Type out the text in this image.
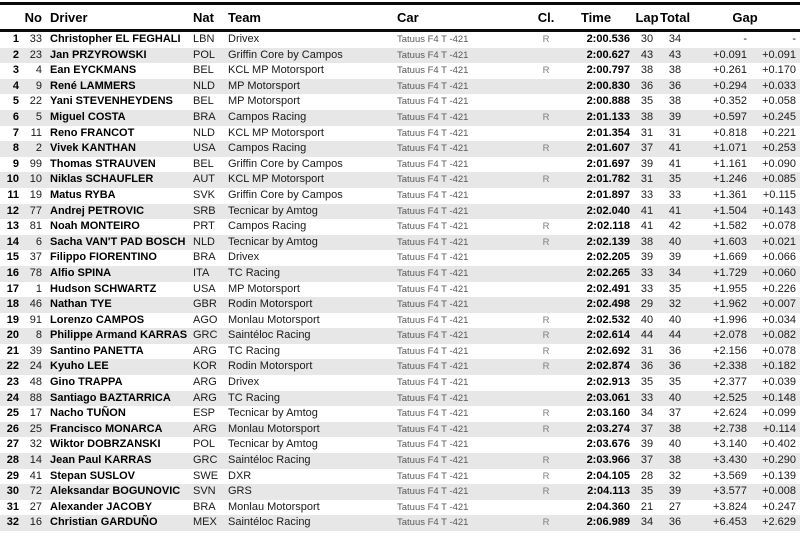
	No	Driver	Nat	Team	Car	Cl.	Time	Lap	Total	Gap	
1	33	Christopher EL FEGHALI	LBN	Drivex	Tatuus F4 T -421	R	2:00.536	30	34	-	-
2	23	Jan PRZYROWSKI	POL	Griffin Core by Campos	Tatuus F4 T -421		2:00.627	43	43	+0.091	+0.091
3	4	Ean EYCKMANS	BEL	KCL MP Motorsport	Tatuus F4 T -421	R	2:00.797	38	38	+0.261	+0.170
4	9	René LAMMERS	NLD	MP Motorsport	Tatuus F4 T -421		2:00.830	36	36	+0.294	+0.033
5	22	Yani STEVENHEYDENS	BEL	MP Motorsport	Tatuus F4 T -421		2:00.888	35	38	+0.352	+0.058
6	5	Miguel COSTA	BRA	Campos Racing	Tatuus F4 T -421	R	2:01.133	38	39	+0.597	+0.245
7	11	Reno FRANCOT	NLD	KCL MP Motorsport	Tatuus F4 T -421		2:01.354	31	31	+0.818	+0.221
8	2	Vivek KANTHAN	USA	Campos Racing	Tatuus F4 T -421	R	2:01.607	37	41	+1.071	+0.253
9	99	Thomas STRAUVEN	BEL	Griffin Core by Campos	Tatuus F4 T -421		2:01.697	39	41	+1.161	+0.090
10	10	Niklas SCHAUFLER	AUT	KCL MP Motorsport	Tatuus F4 T -421	R	2:01.782	31	35	+1.246	+0.085
11	19	Matus RYBA	SVK	Griffin Core by Campos	Tatuus F4 T -421		2:01.897	33	33	+1.361	+0.115
12	77	Andrej PETROVIC	SRB	Tecnicar by Amtog	Tatuus F4 T -421		2:02.040	41	41	+1.504	+0.143
13	81	Noah MONTEIRO	PRT	Campos Racing	Tatuus F4 T -421	R	2:02.118	41	42	+1.582	+0.078
14	6	Sacha VAN'T PAD BOSCH	NLD	Tecnicar by Amtog	Tatuus F4 T -421	R	2:02.139	38	40	+1.603	+0.021
15	37	Filippo FIORENTINO	BRA	Drivex	Tatuus F4 T -421		2:02.205	39	39	+1.669	+0.066
16	78	Alfio SPINA	ITA	TC Racing	Tatuus F4 T -421		2:02.265	33	34	+1.729	+0.060
17	1	Hudson SCHWARTZ	USA	MP Motorsport	Tatuus F4 T -421		2:02.491	33	35	+1.955	+0.226
18	46	Nathan TYE	GBR	Rodin Motorsport	Tatuus F4 T -421		2:02.498	29	32	+1.962	+0.007
19	91	Lorenzo CAMPOS	AGO	Monlau Motorsport	Tatuus F4 T -421	R	2:02.532	40	40	+1.996	+0.034
20	8	Philippe Armand KARRAS	GRC	Saintéloc Racing	Tatuus F4 T -421	R	2:02.614	44	44	+2.078	+0.082
21	39	Santino PANETTA	ARG	TC Racing	Tatuus F4 T -421	R	2:02.692	31	36	+2.156	+0.078
22	24	Kyuho LEE	KOR	Rodin Motorsport	Tatuus F4 T -421	R	2:02.874	36	36	+2.338	+0.182
23	48	Gino TRAPPA	ARG	Drivex	Tatuus F4 T -421		2:02.913	35	35	+2.377	+0.039
24	88	Santiago BAZTARRICA	ARG	TC Racing	Tatuus F4 T -421		2:03.061	33	40	+2.525	+0.148
25	17	Nacho TUÑON	ESP	Tecnicar by Amtog	Tatuus F4 T -421	R	2:03.160	34	37	+2.624	+0.099
26	25	Francisco MONARCA	ARG	Monlau Motorsport	Tatuus F4 T -421	R	2:03.274	37	38	+2.738	+0.114
27	32	Wiktor DOBRZANSKI	POL	Tecnicar by Amtog	Tatuus F4 T -421		2:03.676	39	40	+3.140	+0.402
28	14	Jean Paul KARRAS	GRC	Saintéloc Racing	Tatuus F4 T -421	R	2:03.966	37	38	+3.430	+0.290
29	41	Stepan SUSLOV	SWE	DXR	Tatuus F4 T -421	R	2:04.105	28	32	+3.569	+0.139
30	72	Aleksandar BOGUNOVIC	SVN	GRS	Tatuus F4 T -421	R	2:04.113	35	39	+3.577	+0.008
31	27	Alexander JACOBY	BRA	Monlau Motorsport	Tatuus F4 T -421		2:04.360	21	27	+3.824	+0.247
32	16	Christian GARDUÑO	MEX	Saintéloc Racing	Tatuus F4 T -421	R	2:06.989	34	36	+6.453	+2.629
